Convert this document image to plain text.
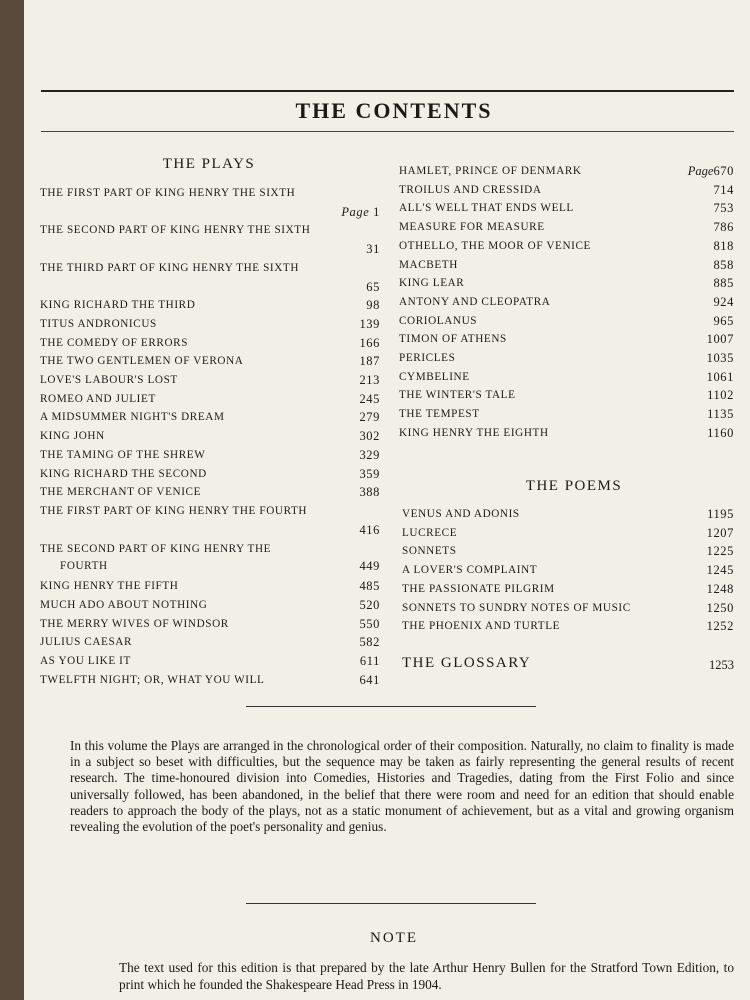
THE CONTENTS
THE PLAYS
THE FIRST PART OF KING HENRY THE SIXTH
Page 1
THE SECOND PART OF KING HENRY THE SIXTH
31
THE THIRD PART OF KING HENRY THE SIXTH
65
KING RICHARD THE THIRD	98
TITUS ANDRONICUS	139
THE COMEDY OF ERRORS	166
THE TWO GENTLEMEN OF VERONA	187
LOVE'S LABOUR'S LOST	213
ROMEO AND JULIET	245
A MIDSUMMER NIGHT'S DREAM	279
KING JOHN	302
THE TAMING OF THE SHREW	329
KING RICHARD THE SECOND	359
THE MERCHANT OF VENICE	388
THE FIRST PART OF KING HENRY THE FOURTH
416
THE SECOND PART OF KING HENRY THE
FOURTH	449
KING HENRY THE FIFTH	485
MUCH ADO ABOUT NOTHING	520
THE MERRY WIVES OF WINDSOR	550
JULIUS CAESAR	582
AS YOU LIKE IT	611
TWELFTH NIGHT; OR, WHAT YOU WILL	641
HAMLET, PRINCE OF DENMARK	Page670
TROILUS AND CRESSIDA	714
ALL'S WELL THAT ENDS WELL	753
MEASURE FOR MEASURE	786
OTHELLO, THE MOOR OF VENICE	818
MACBETH	858
KING LEAR	885
ANTONY AND CLEOPATRA	924
CORIOLANUS	965
TIMON OF ATHENS	1007
PERICLES	1035
CYMBELINE	1061
THE WINTER'S TALE	1102
THE TEMPEST	1135
KING HENRY THE EIGHTH	1160
THE POEMS
VENUS AND ADONIS	1195
LUCRECE	1207
SONNETS	1225
A LOVER'S COMPLAINT	1245
THE PASSIONATE PILGRIM	1248
SONNETS TO SUNDRY NOTES OF MUSIC	1250
THE PHOENIX AND TURTLE	1252
THE GLOSSARY	1253
In this volume the Plays are arranged in the chronological order of their composition. Naturally, no claim to finality is made in a subject so beset with difficulties, but the sequence may be taken as fairly representing the general results of recent research. The time-honoured division into Comedies, Histories and Tragedies, dating from the First Folio and since universally followed, has been abandoned, in the belief that there were room and need for an edition that should enable readers to approach the body of the plays, not as a static monument of achievement, but as a vital and growing organism revealing the evolution of the poet's personality and genius.
NOTE
The text used for this edition is that prepared by the late Arthur Henry Bullen for the Stratford Town Edition, to print which he founded the Shakespeare Head Press in 1904.
